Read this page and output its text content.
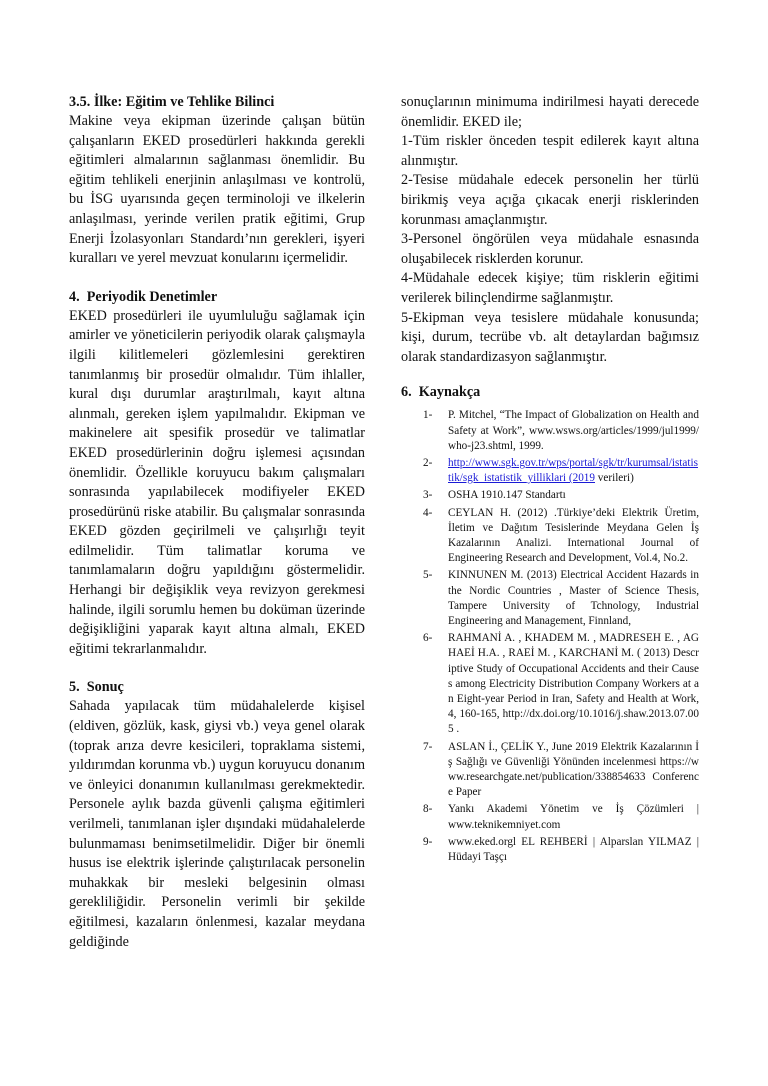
3.5. İlke: Eğitim ve Tehlike Bilinci

Makine veya ekipman üzerinde çalışan bütün çalışanların EKED prosedürleri hakkında gerekli eğitimleri almalarının sağlanması önemlidir. Bu eğitim tehlikeli enerjinin anlaşılması ve kontrolü, bu İSG uyarısında geçen terminoloji ve ilkelerin anlaşılması, yerinde verilen pratik eğitimi, Grup Enerji İzolasyonları Standardı’nın gerekleri, işyeri kuralları ve yerel mevzuat konularını içermelidir.

4.  Periyodik Denetimler

EKED prosedürleri ile uyumluluğu sağlamak için amirler ve yöneticilerin periyodik olarak çalışmayla ilgili kilitlemeleri gözlemlesini gerektiren tanımlanmış bir prosedür olmalıdır. Tüm ihlaller, kural dışı durumlar araştırılmalı, kayıt altına alınmalı, gereken işlem yapılmalıdır. Ekipman ve makinelere ait spesifik prosedür ve talimatlar EKED prosedürlerinin doğru işlemesi açısından önemlidir. Özellikle koruyucu bakım çalışmaları sonrasında yapılabilecek modifiyeler EKED prosedürünü riske atabilir. Bu çalışmalar sonrasında EKED gözden geçirilmeli ve çalışırlığı teyit edilmelidir. Tüm talimatlar koruma ve tanımlamaların doğru yapıldığını göstermelidir. Herhangi bir değişiklik veya revizyon gerekmesi halinde, ilgili sorumlu hemen bu doküman üzerinde değişikliğini yaparak kayıt altına almalı, EKED eğitimi tekrarlanmalıdır.

5.  Sonuç

Sahada yapılacak tüm müdahalelerde kişisel (eldiven, gözlük, kask, giysi vb.) veya genel olarak (toprak arıza devre kesicileri, topraklama sistemi, yıldırımdan korunma vb.) uygun koruyucu donanım ve önleyici donanımın kullanılması gerekmektedir. Personele aylık bazda güvenli çalışma eğitimleri verilmeli, tanımlanan işler dışındaki müdahalelerde bulunmaması benimsetilmelidir. Diğer bir önemli husus ise elektrik işlerinde çalıştırılacak personelin muhakkak bir mesleki belgesinin olması gerekliliğidir. Personelin verimli bir şekilde eğitilmesi, kazaların önlenmesi, kazalar meydana geldiğinde

sonuçlarının minimuma indirilmesi hayati derecede önemlidir. EKED ile;

1-Tüm riskler önceden tespit edilerek kayıt altına alınmıştır.

2-Tesise müdahale edecek personelin her türlü birikmiş veya açığa çıkacak enerji risklerinden korunması amaçlanmıştır.

3-Personel öngörülen veya müdahale esnasında oluşabilecek risklerden korunur.

4-Müdahale edecek kişiye; tüm risklerin eğitimi verilerek bilinçlendirme sağlanmıştır.

5-Ekipman veya tesislere müdahale konusunda; kişi, durum, tecrübe vb. alt detaylardan bağımsız olarak standardizasyon sağlanmıştır.

6.  Kaynakça
1- P. Mitchel, “The Impact of Globalization on Health and Safety at Work”, www.wsws.org/articles/1999/jul1999/who-j23.shtml, 1999.
2- http://www.sgk.gov.tr/wps/portal/sgk/tr/kurumsal/istatistik/sgk_istatistik_yilliklari (2019 verileri)
3- OSHA 1910.147 Standartı
4- CEYLAN H. (2012) .Türkiye’deki Elektrik Üretim, İletim ve Dağıtım Tesislerinde Meydana Gelen İş Kazalarının Analizi. International Journal of Engineering Research and Development, Vol.4, No.2.
5- KINNUNEN M. (2013) Electrical Accident Hazards in the Nordic Countries , Master of Science Thesis, Tampere University of Tchnology, Industrial Engineering and Management, Finnland,
6- RAHMANİ A. , KHADEM M. , MADRESEH E. , AGHAEİ H.A. , RAEİ M. , KARCHANİ M. ( 2013) Descriptive Study of Occupational Accidents and their Causes among Electricity Distribution Company Workers at an Eight-year Period in Iran, Safety and Health at Work, 4, 160-165, http://dx.doi.org/10.1016/j.shaw.2013.07.005 .
7- ASLAN İ., ÇELİK Y., June 2019 Elektrik Kazalarının İş Sağlığı ve Güvenliği Yönünden incelenmesi https://www.researchgate.net/publication/338854633 Conference Paper
8- Yankı Akademi Yönetim ve İş Çözümleri | www.teknikemniyet.com
9- www.eked.orgl EL REHBERİ | Alparslan YILMAZ | Hüdayi Taşçı
